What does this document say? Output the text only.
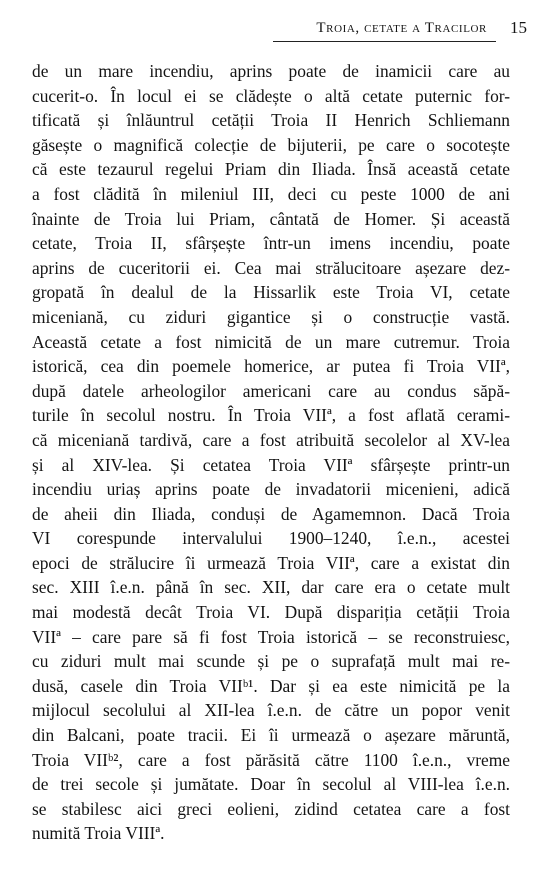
Troia, cetate a Tracilor 15
de un mare incendiu, aprins poate de inamicii care au
cucerit-o. În locul ei se clădește o altă cetate puternic for-
tificată și înlăuntrul cetății Troia II Henrich Schliemann
găsește o magnifică colecție de bijuterii, pe care o socotește
că este tezaurul regelui Priam din Iliada. Însă această cetate
a fost clădită în mileniul III, deci cu peste 1000 de ani
înainte de Troia lui Priam, cântată de Homer. Și această
cetate, Troia II, sfârșește într-un imens incendiu, poate
aprins de cuceritorii ei. Cea mai strălucitoare așezare dez-
gropată în dealul de la Hissarlik este Troia VI, cetate
miceniană, cu ziduri gigantice și o construcție vastă.
Această cetate a fost nimicită de un mare cutremur. Troia
istorică, cea din poemele homerice, ar putea fi Troia VIIª,
după datele arheologilor americani care au condus săpă-
turile în secolul nostru. În Troia VIIª, a fost aflată cerami-
că miceniană tardivă, care a fost atribuită secolelor al XV-lea
și al XIV-lea. Și cetatea Troia VIIª sfârșește printr-un
incendiu uriaș aprins poate de invadatorii micenieni, adică
de aheii din Iliada, conduși de Agamemnon. Dacă Troia
VI corespunde intervalului 1900–1240, î.e.n., acestei
epoci de strălucire îi urmează Troia VIIª, care a existat din
sec. XIII î.e.n. până în sec. XII, dar care era o cetate mult
mai modestă decât Troia VI. După dispariția cetății Troia
VIIª – care pare să fi fost Troia istorică – se reconstruiesc,
cu ziduri mult mai scunde și pe o suprafață mult mai re-
dusă, casele din Troia VIIᵇ¹. Dar și ea este nimicită pe la
mijlocul secolului al XII-lea î.e.n. de către un popor venit
din Balcani, poate tracii. Ei îi urmează o așezare măruntă,
Troia VIIᵇ², care a fost părăsită către 1100 î.e.n., vreme
de trei secole și jumătate. Doar în secolul al VIII-lea î.e.n.
se stabilesc aici greci eolieni, zidind cetatea care a fost
numită Troia VIIIª.
